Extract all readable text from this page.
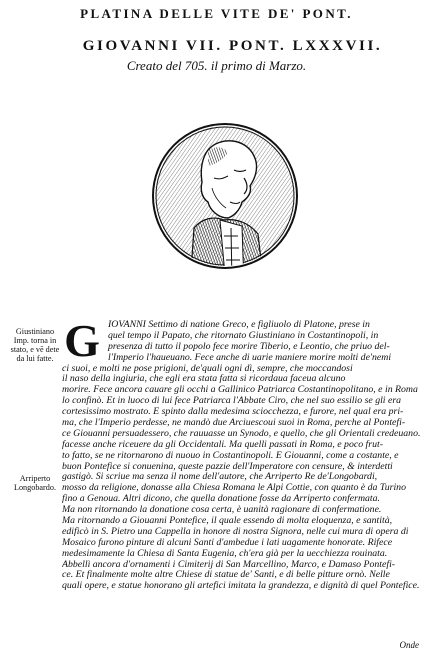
PLATINA DELLE VITE DE' PONT.
GIOVANNI VII. PONT. LXXXVII.
Creato del 705. il primo di Marzo.
Giustiniano Imp. torna in stato, e vē dete da lui fatte.
Arriperto Longobardo.
G IOVANNI Settimo di natione Greco, e figliuolo di Platone, prese in
quel tempo il Papato, che ritornato Giustiniano in Costantinopoli, in
presenza di tutto il popolo fece morire Tiberio, e Leontio, che priuo del-
l'Imperio l'haueuano. Fece anche di uarie maniere morire molti de'nemi
ci suoi, e molti ne pose prigioni, de'quali ogni dì, sempre, che moccandosi
il naso della ingiuria, che egli era stata fatta si ricordaua faceua alcuno
morire. Fece ancora cauare gli occhi a Gallinico Patriarca Costantinopolitano, e in Roma
lo confinò. Et in luoco di lui fece Patriarca l'Abbate Ciro, che nel suo essilio se gli era
cortesissimo mostrato. E spinto dalla medesima sciocchezza, e furore, nel qual era pri-
ma, che l'Imperio perdesse, ne mandò due Arciuescoui suoi in Roma, perche al Pontefi-
ce Giouanni persuadessero, che rauuasse un Synodo, e quello, che gli Orientali credeuano.
facesse anche riceuere da gli Occidentali. Ma quelli passati in Roma, e poco frut-
to fatto, se ne ritornarono di nuouo in Costantinopoli. E Giouanni, come a costante, e
buon Pontefice si conuenina, queste pazzie dell'Imperatore con censure, & interdetti
gastigò. Si scriue ma senza il nome dell'autore, che Arriperto Re de'Longobardi,
mosso da religione, donasse alla Chiesa Romana le Alpi Cottie, con quanto è da Turino
fino a Genoua. Altri dicono, che quella donatione fosse da Arriperto confermata.
Ma non ritornando la donatione cosa certa, è uanità ragionare di confermatione.
Ma ritornando a Giouanni Pontefice, il quale essendo di molta eloquenza, e santità,
edificò in S. Pietro una Cappella in honore di nostra Signora, nelle cui mura di opera di
Mosaico furono pinture di alcuni Santi d'ambedue i lati uagamente honorate. Rifece
medesimamente la Chiesa di Santa Eugenia, ch'era già per la uecchiezza rouinata.
Abbellì ancora d'ornamenti i Cimiterij di San Marcellino, Marco, e Damaso Pontefi-
ce. Et finalmente molte altre Chiese di statue de' Santi, e di belle pitture ornò. Nelle
quali opere, e statue honorano gli artefici imitata la grandezza, e dignità di quel Pontefice.
Onde
